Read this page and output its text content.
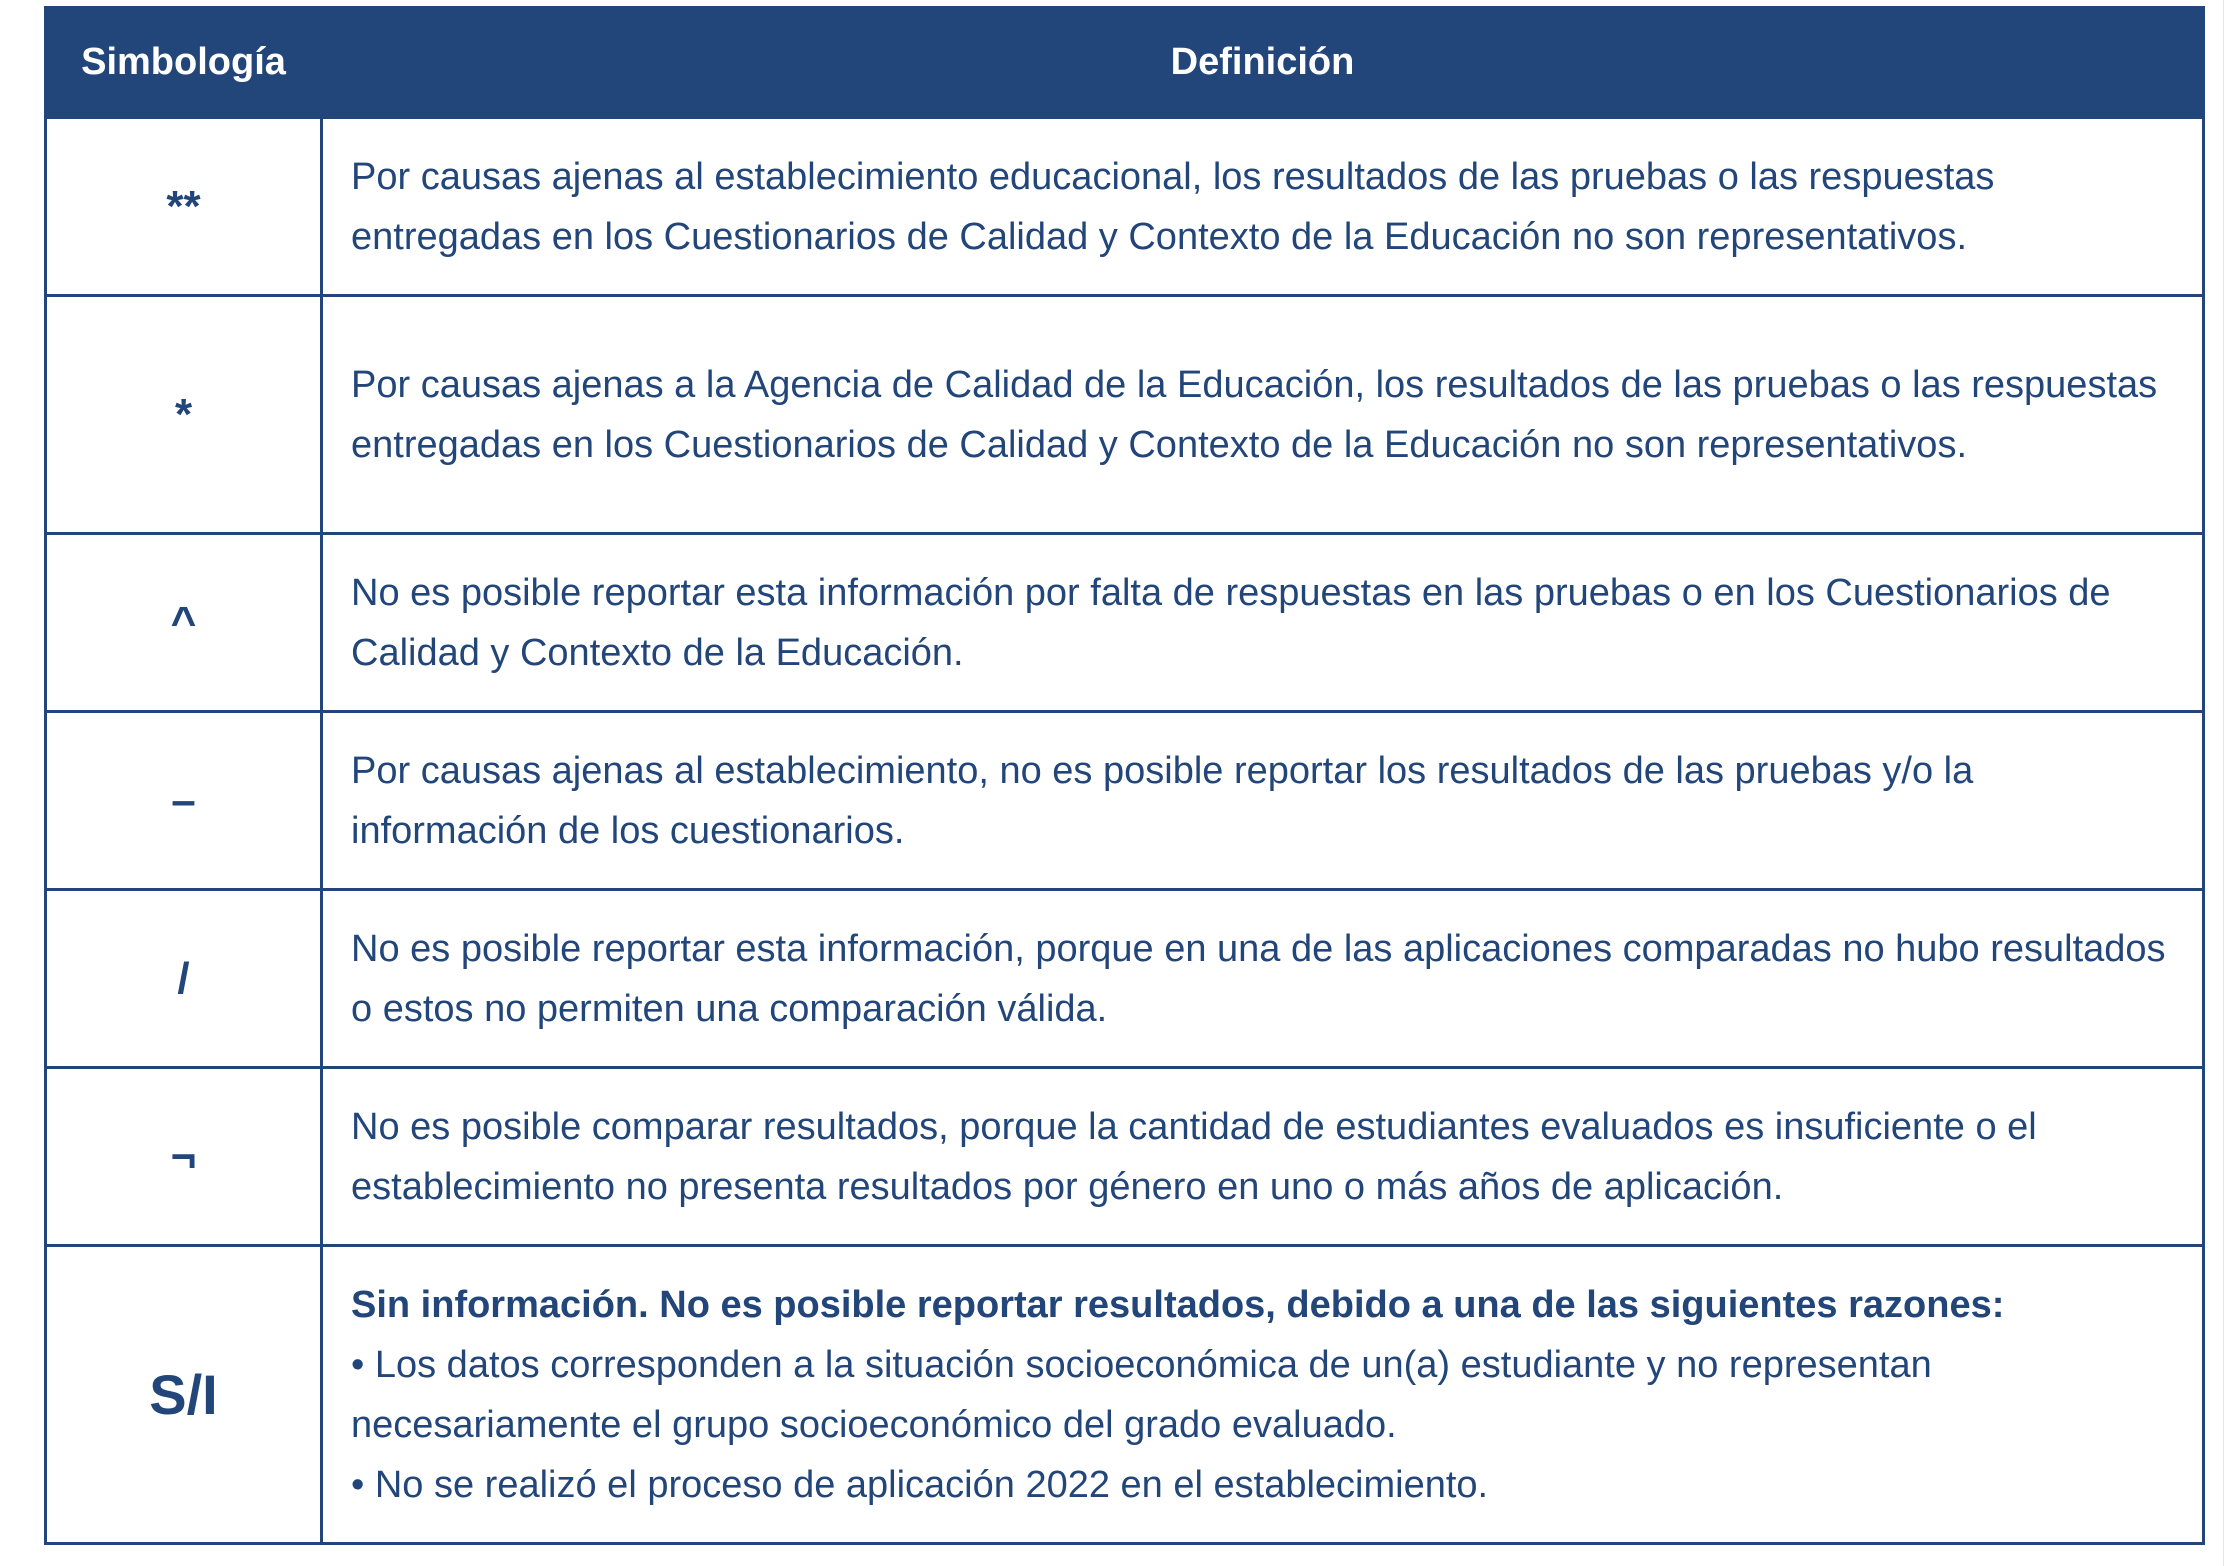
Simbología	Definición
**	Por causas ajenas al establecimiento educacional, los resultados de las pruebas o las respuestas entregadas en los Cuestionarios de Calidad y Contexto de la Educación no son representativos.
*	Por causas ajenas a la Agencia de Calidad de la Educación, los resultados de las pruebas o las respuestas entregadas en los Cuestionarios de Calidad y Contexto de la Educación no son representativos.
^	No es posible reportar esta información por falta de respuestas en las pruebas o en los Cuestionarios de Calidad y Contexto de la Educación.
–	Por causas ajenas al establecimiento, no es posible reportar los resultados de las pruebas y/o la información de los cuestionarios.
/	No es posible reportar esta información, porque en una de las aplicaciones comparadas no hubo resultados o estos no permiten una comparación válida.
¬	No es posible comparar resultados, porque la cantidad de estudiantes evaluados es insuficiente o el establecimiento no presenta resultados por género en uno o más años de aplicación.
S/I	Sin información. No es posible reportar resultados, debido a una de las siguientes razones:
• Los datos corresponden a la situación socioeconómica de un(a) estudiante y no representan necesariamente el grupo socioeconómico del grado evaluado.
• No se realizó el proceso de aplicación 2022 en el establecimiento.
